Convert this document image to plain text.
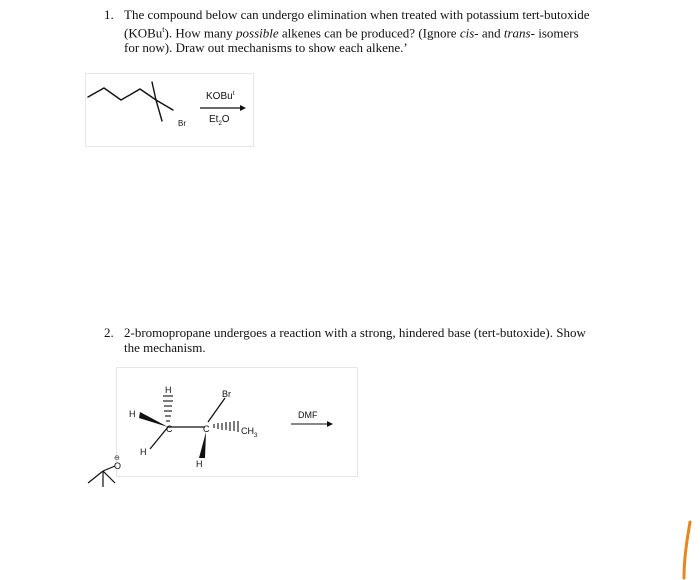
1. The compound below can undergo elimination when treated with potassium tert-butoxide
(KOBu$^t$). How many possible alkenes can be produced? (Ignore cis- and trans- isomers
for now). Draw out mechanisms to show each alkene.’
Br
KOBu$^t$
$Et_2O$
2. 2-bromopropane undergoes a reaction with a strong, hindered base (tert-butoxide). Show
the mechanism.
H
H
C
H
Br
C	$CH_3$
H
DMF
O
⊖
